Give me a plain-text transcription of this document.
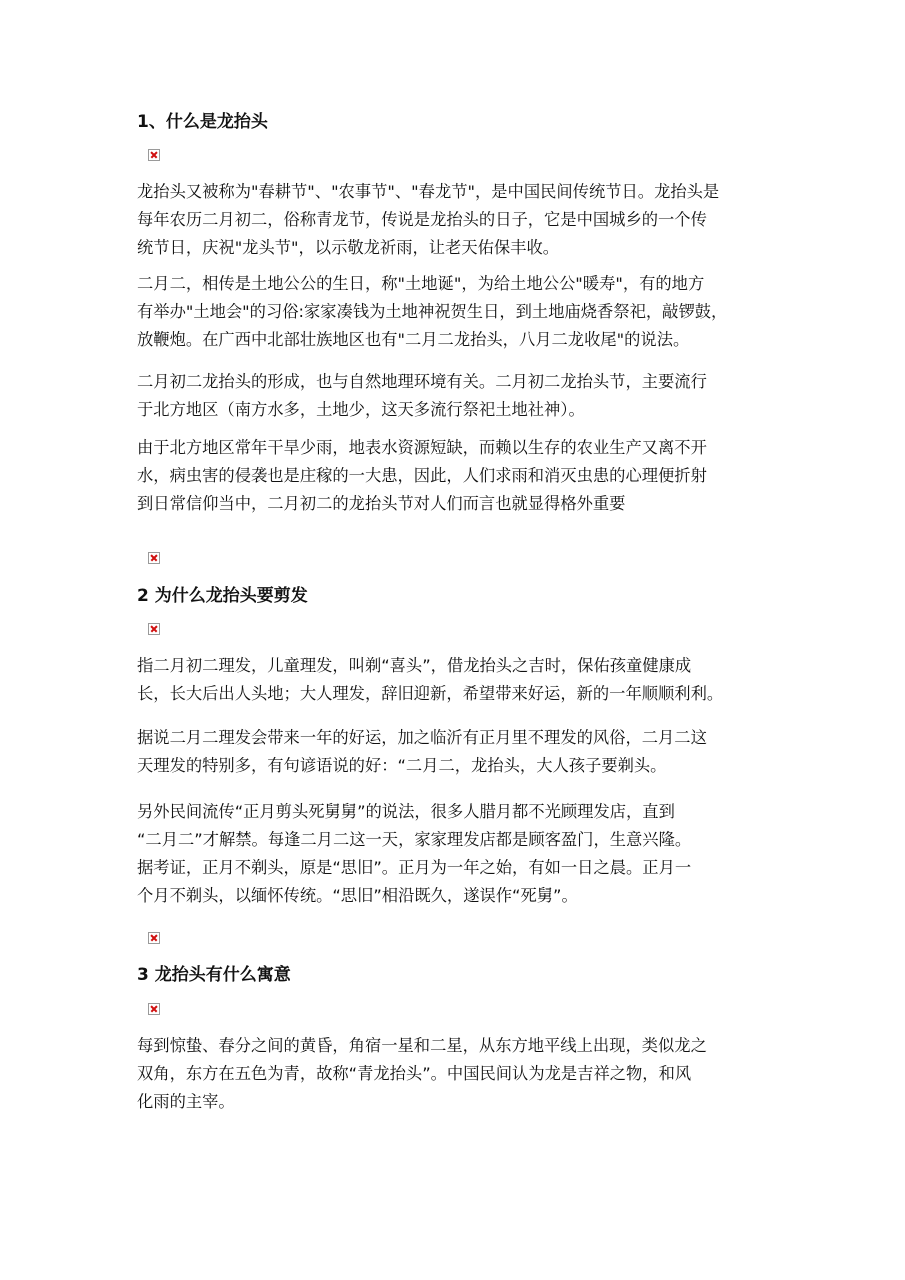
1、什么是龙抬头

龙抬头又被称为"春耕节"、"农事节"、"春龙节"，是中国民间传统节日。龙抬头是
每年农历二月初二，俗称青龙节，传说是龙抬头的日子，它是中国城乡的一个传
统节日，庆祝"龙头节"，以示敬龙祈雨，让老天佑保丰收。

二月二，相传是土地公公的生日，称"土地诞"，为给土地公公"暖寿"，有的地方
有举办"土地会"的习俗:家家凑钱为土地神祝贺生日，到土地庙烧香祭祀，敲锣鼓，
放鞭炮。在广西中北部壮族地区也有"二月二龙抬头，八月二龙收尾"的说法。

二月初二龙抬头的形成，也与自然地理环境有关。二月初二龙抬头节，主要流行
于北方地区（南方水多，土地少，这天多流行祭祀土地社神）。

由于北方地区常年干旱少雨，地表水资源短缺，而赖以生存的农业生产又离不开
水，病虫害的侵袭也是庄稼的一大患，因此，人们求雨和消灭虫患的心理便折射
到日常信仰当中，二月初二的龙抬头节对人们而言也就显得格外重要

2 为什么龙抬头要剪发

指二月初二理发，儿童理发，叫剃“喜头”，借龙抬头之吉时，保佑孩童健康成
长，长大后出人头地；大人理发，辞旧迎新，希望带来好运，新的一年顺顺利利。

据说二月二理发会带来一年的好运，加之临沂有正月里不理发的风俗，二月二这
天理发的特别多，有句谚语说的好：“二月二，龙抬头，大人孩子要剃头。

另外民间流传“正月剪头死舅舅”的说法，很多人腊月都不光顾理发店，直到
“二月二”才解禁。每逢二月二这一天，家家理发店都是顾客盈门，生意兴隆。
据考证，正月不剃头，原是“思旧”。正月为一年之始，有如一日之晨。正月一
个月不剃头，以缅怀传统。“思旧”相沿既久，遂误作“死舅”。

3 龙抬头有什么寓意

每到惊蛰、春分之间的黄昏，角宿一星和二星，从东方地平线上出现，类似龙之
双角，东方在五色为青，故称“青龙抬头”。中国民间认为龙是吉祥之物，和风
化雨的主宰。
